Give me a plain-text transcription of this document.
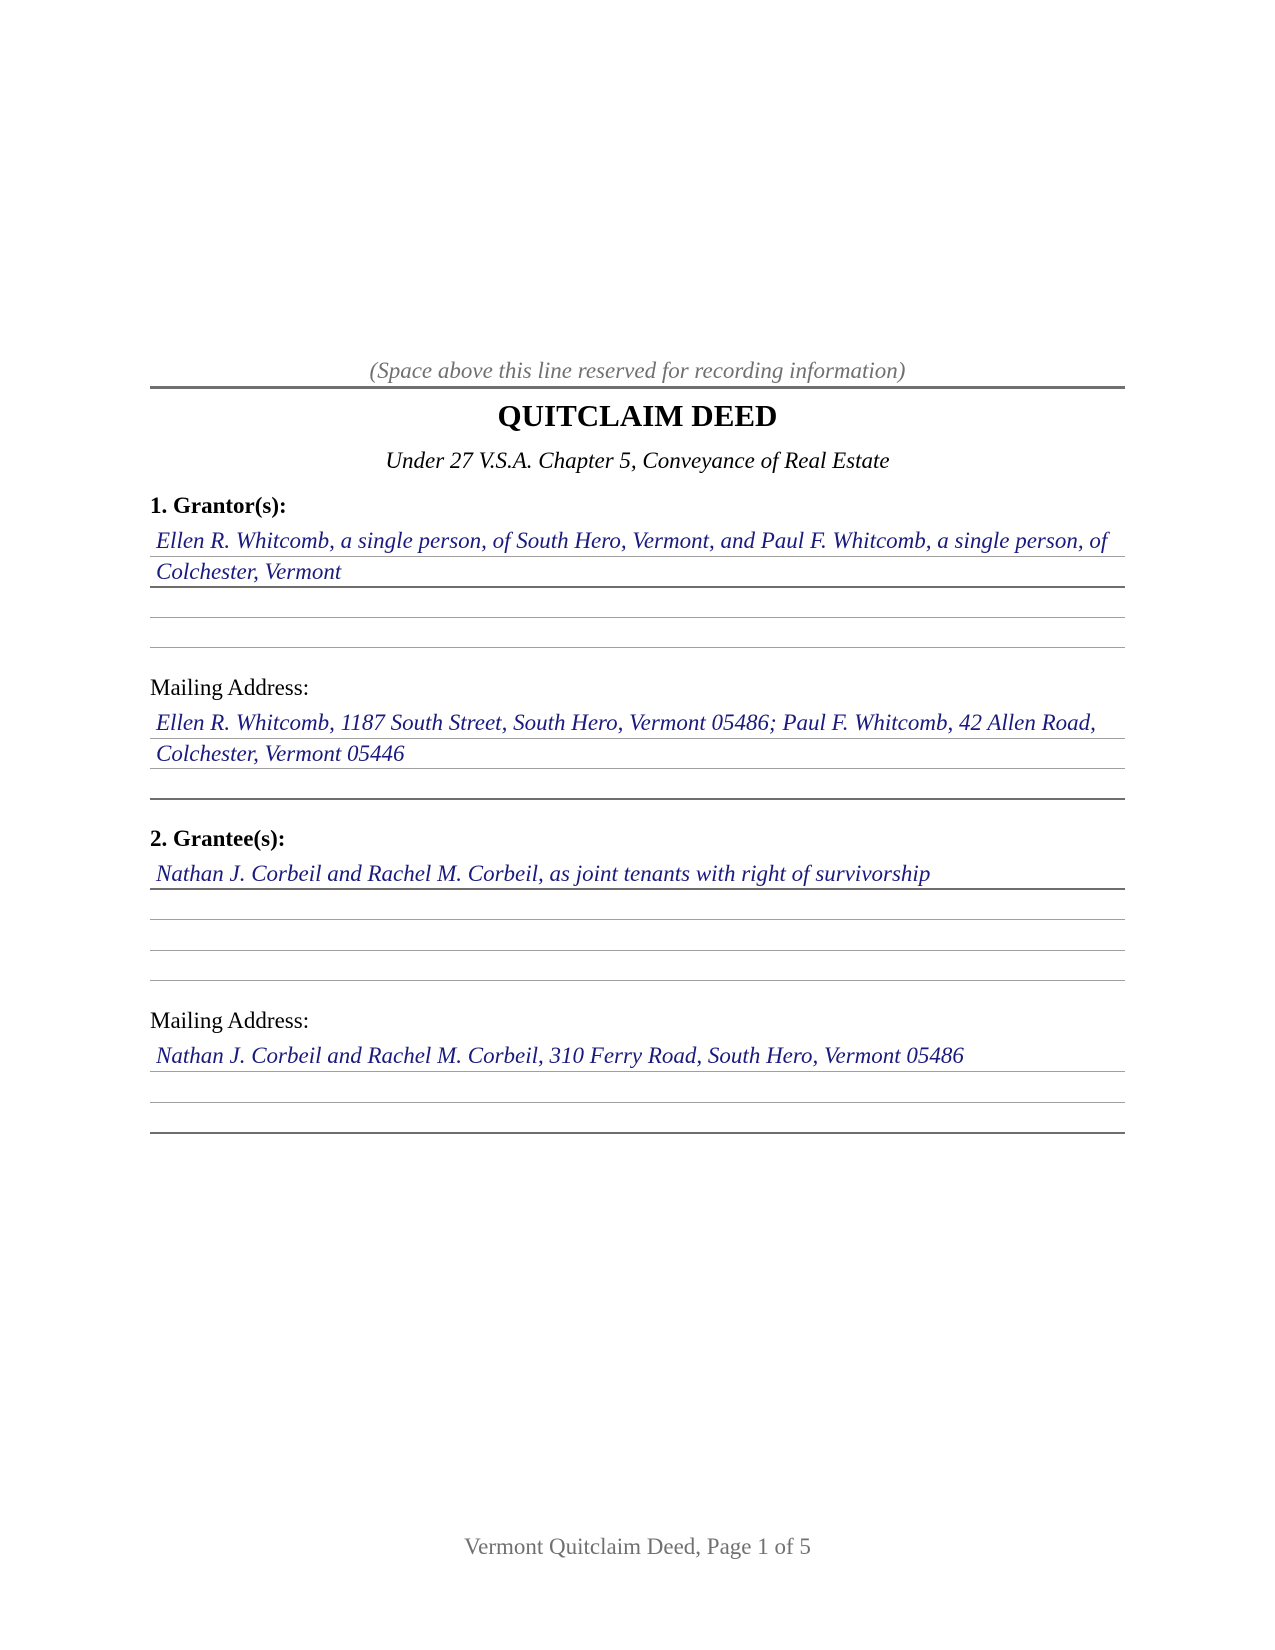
(Space above this line reserved for recording information)
QUITCLAIM DEED
Under 27 V.S.A. Chapter 5, Conveyance of Real Estate
1. Grantor(s):
Ellen R. Whitcomb, a single person, of South Hero, Vermont, and Paul F. Whitcomb, a single person, of Colchester, Vermont
Mailing Address:
Ellen R. Whitcomb, 1187 South Street, South Hero, Vermont 05486; Paul F. Whitcomb, 42 Allen Road, Colchester, Vermont 05446
2. Grantee(s):
Nathan J. Corbeil and Rachel M. Corbeil, as joint tenants with right of survivorship
Mailing Address:
Nathan J. Corbeil and Rachel M. Corbeil, 310 Ferry Road, South Hero, Vermont 05486
Vermont Quitclaim Deed, Page 1 of 5
